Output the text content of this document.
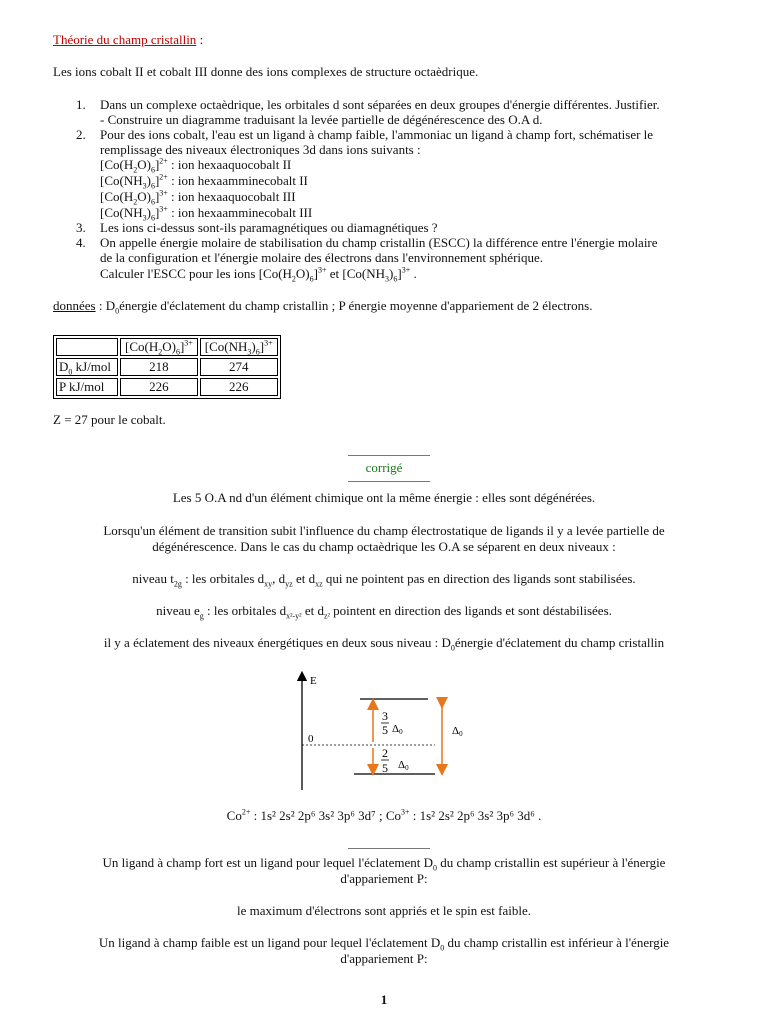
Théorie du champ cristallin :
Les ions cobalt II et cobalt III donne des ions complexes de structure octaèdrique.
1. Dans un complexe octaèdrique, les orbitales d sont séparées en deux groupes d'énergie différentes. Justifier.
- Construire un diagramme traduisant la levée partielle de dégénérescence des O.A d.
2. Pour des ions cobalt, l'eau est un ligand à champ faible, l'ammoniac un ligand à champ fort, schématiser le
remplissage des niveaux électroniques 3d dans ions suivants :
$[Co(H_2O)_6]^{2+}$ : ion hexaaquocobalt II
$[Co(NH_3)_6]^{2+}$ : ion hexaamminecobalt II
$[Co(H_2O)_6]^{3+}$ : ion hexaaquocobalt III
$[Co(NH_3)_6]^{3+}$ : ion hexaamminecobalt III
3. Les ions ci-dessus sont-ils paramagnétiques ou diamagnétiques ?
4. On appelle énergie molaire de stabilisation du champ cristallin (ESCC) la différence entre l'énergie molaire
de la configuration et l'énergie molaire des électrons dans l'environnement sphérique.
Calculer l'ESCC pour les ions $[Co(H_2O)_6]^{3+}$ et $[Co(NH_3)_6]^{3+}$ .
données : $D_0énergie$ d'éclatement du champ cristallin ; P énergie moyenne d'appariement de 2 électrons.
	$[Co(H_2O)_6]^{3+}$	$[Co(NH_3)_6]^{3+}$
$D_0$ kJ/mol	218	274
P kJ/mol	226	226
Z = 27 pour le cobalt.
corrigé
Les 5 O.A nd d'un élément chimique ont la même énergie : elles sont dégénérées.
Lorsqu'un élément de transition subit l'influence du champ électrostatique de ligands il y a levée partielle de
dégénérescence. Dans le cas du champ octaèdrique les O.A se séparent en deux niveaux :
niveau $t_{2g}$ : les orbitales $d_{xy}$, $d_{yz}$ et $d_{xz}$ qui ne pointent pas en direction des ligands sont stabilisées.
niveau $e_g$ : les orbitales $d_{x^2-y^2}$ et $d_{z^2}$ pointent en direction des ligands et sont déstabilisées.
il y a éclatement des niveaux énergétiques en deux sous niveau : $D_0énergie$ d'éclatement du champ cristallin
E
0
3
5 Δ0
2
5 Δ0
Δ0
$Co^{2+}$ : 1s² 2s² 2p⁶ 3s² 3p⁶ 3d⁷ ; $Co^{3+}$ : 1s² 2s² 2p⁶ 3s² 3p⁶ 3d⁶ .
Un ligand à champ fort est un ligand pour lequel l'éclatement $D_0$ du champ cristallin est supérieur à l'énergie
d'appariement P:
le maximum d'électrons sont appriés et le spin est faible.
Un ligand à champ faible est un ligand pour lequel l'éclatement $D_0$ du champ cristallin est inférieur à l'énergie
d'appariement P:
1
